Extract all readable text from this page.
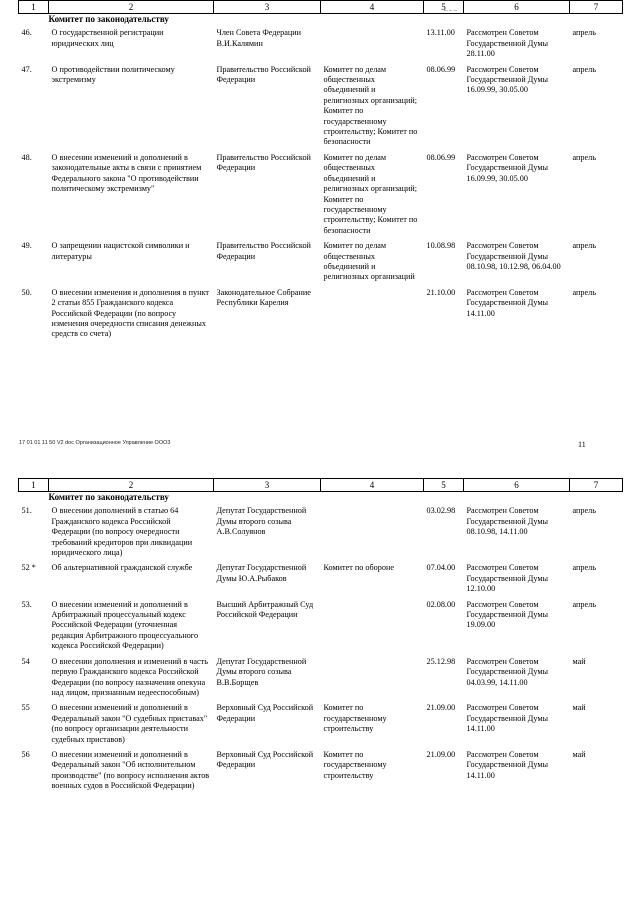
‒ ‐ ‒
1	2	3	4	5	6	7
	Комитет по законодательству					
46.	О государственной регистрации юридических лиц	Член Совета Федерации В.И.Калямин		13.11.00	Рассмотрен Советом Государственной Думы 28.11.00	апрель
47.	О противодействии политическому экстремизму	Правительство Российской Федерации	Комитет по делам общественных объединений и религиозных организаций; Комитет по государственному строительству; Комитет по безопасности	08.06.99	Рассмотрен Советом Государственной Думы 16.09.99, 30.05.00	апрель
48.	О внесении изменений и дополнений в законодательные акты в связи с принятием Федерального закона "О противодействии политическому экстремизму"	Правительство Российской Федерации	Комитет по делам общественных объединений и религиозных организаций; Комитет по государственному строительству; Комитет по безопасности	08.06.99	Рассмотрен Советом Государственной Думы 16.09.99, 30.05.00	апрель
49.	О запрещении нацистской символики и литературы	Правительство Российской Федерации	Комитет по делам общественных объединений и религиозных организаций	10.08.98	Рассмотрен Советом Государственной Думы 08.10.98, 10.12.98, 06.04.00	апрель
50.	О внесении изменения и дополнения в пункт 2 статьи 855 Гражданского кодекса Российской Федерации (по вопросу изменения очередности списания денежных средств со счета)	Законодательное Собрание Республики Карелия		21.10.00	Рассмотрен Советом Государственной Думы 14.11.00	апрель
17 01 01 11 50 V2 doc Организационное Управление ООО3	11
1	2	3	4	5	6	7
	Комитет по законодательству					
51.	О внесении дополнений в статью 64 Гражданского кодекса Российской Федерации (по вопросу очередности требований кредиторов при ликвидации юридического лица)	Депутат Государственной Думы второго созыва А.В.Солуянов		03.02.98	Рассмотрен Советом Государственной Думы 08.10.98, 14.11.00	апрель
52 *	Об альтернативной гражданской службе	Депутат Государственной Думы Ю.А.Рыбаков	Комитет по обороне	07.04.00	Рассмотрен Советом Государственной Думы 12.10.00	апрель
53.	О внесении изменений и дополнений в Арбитражный процессуальный кодекс Российской Федерации (уточненная редакция Арбитражного процессуального кодекса Российской Федерации)	Высший Арбитражный Суд Российской Федерации		02.08.00	Рассмотрен Советом Государственной Думы 19.09.00	апрель
54	О внесении дополнения и изменений в часть первую Гражданского кодекса Российской Федерации (по вопросу назначения опекуна над лицом, признанным недееспособным)	Депутат Государственной Думы второго созыва В.В.Борщев		25.12.98	Рассмотрен Советом Государственной Думы 04.03.99, 14.11.00	май
55	О внесении изменений и дополнений в Федеральный закон "О судебных приставах" (по вопросу организации деятельности судебных приставов)	Верховный Суд Российской Федерации	Комитет по государственному строительству	21.09.00	Рассмотрен Советом Государственной Думы 14.11.00	май
56	О внесении изменений и дополнений в Федеральный закон "Об исполнительном производстве" (по вопросу исполнения актов военных судов в Российской Федерации)	Верховный Суд Российской Федерации	Комитет по государственному строительству	21.09.00	Рассмотрен Советом Государственной Думы 14.11.00	май
